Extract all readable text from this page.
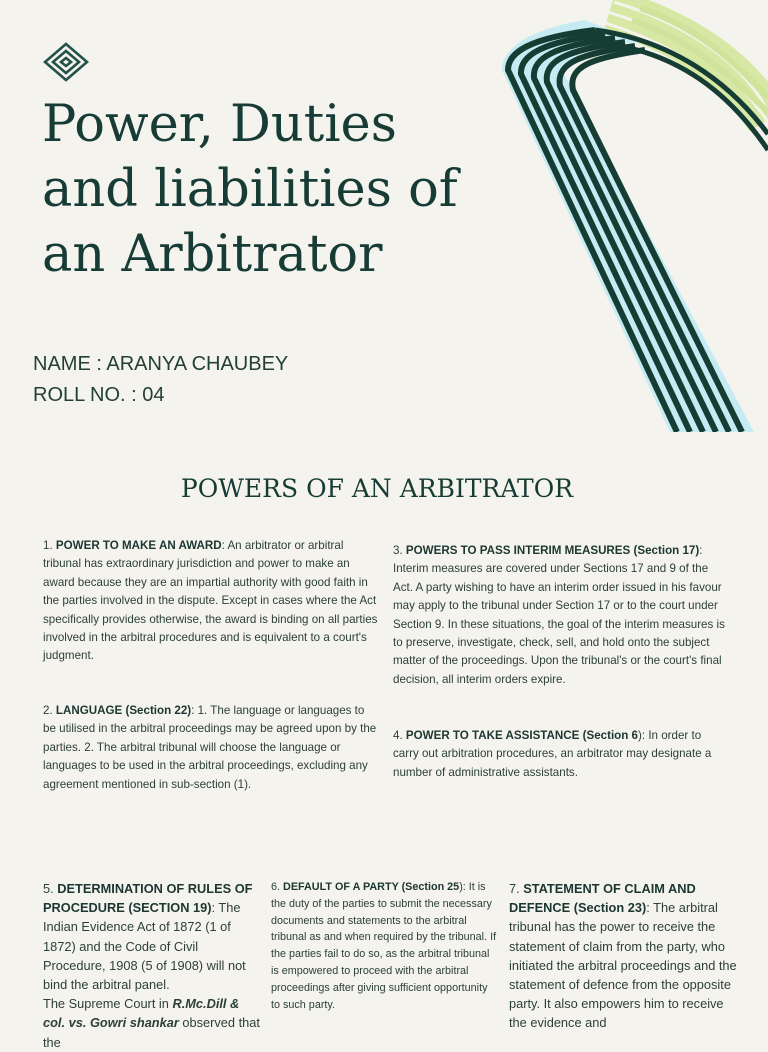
Power, Duties
and liabilities of
an Arbitrator
NAME : ARANYA CHAUBEY
ROLL NO. : 04
POWERS OF AN ARBITRATOR

1. POWER TO MAKE AN AWARD: An arbitrator or arbitral tribunal has extraordinary jurisdiction and power to make an award because they are an impartial authority with good faith in the parties involved in the dispute. Except in cases where the Act specifically provides otherwise, the award is binding on all parties involved in the arbitral procedures and is equivalent to a court's judgment.

2. LANGUAGE (Section 22): 1. The language or languages to be utilised in the arbitral proceedings may be agreed upon by the parties. 2. The arbitral tribunal will choose the language or languages to be used in the arbitral proceedings, excluding any agreement mentioned in sub-section (1).

3. POWERS TO PASS INTERIM MEASURES (Section 17): Interim measures are covered under Sections 17 and 9 of the Act. A party wishing to have an interim order issued in his favour may apply to the tribunal under Section 17 or to the court under Section 9. In these situations, the goal of the interim measures is to preserve, investigate, check, sell, and hold onto the subject matter of the proceedings. Upon the tribunal's or the court's final decision, all interim orders expire.

4. POWER TO TAKE ASSISTANCE (Section 6): In order to carry out arbitration procedures, an arbitrator may designate a number of administrative assistants.

5. DETERMINATION OF RULES OF PROCEDURE (SECTION 19): The Indian Evidence Act of 1872 (1 of 1872) and the Code of Civil Procedure, 1908 (5 of 1908) will not bind the arbitral panel.
The Supreme Court in R.Mc.Dill & col. vs. Gowri shankar observed that the

6. DEFAULT OF A PARTY (Section 25): It is the duty of the parties to submit the necessary documents and statements to the arbitral tribunal as and when required by the tribunal. If the parties fail to do so, as the arbitral tribunal is empowered to proceed with the arbitral proceedings after giving sufficient opportunity to such party.

7. STATEMENT OF CLAIM AND DEFENCE (Section 23): The arbitral tribunal has the power to receive the statement of claim from the party, who initiated the arbitral proceedings and the statement of defence from the opposite party. It also empowers him to receive the evidence and
